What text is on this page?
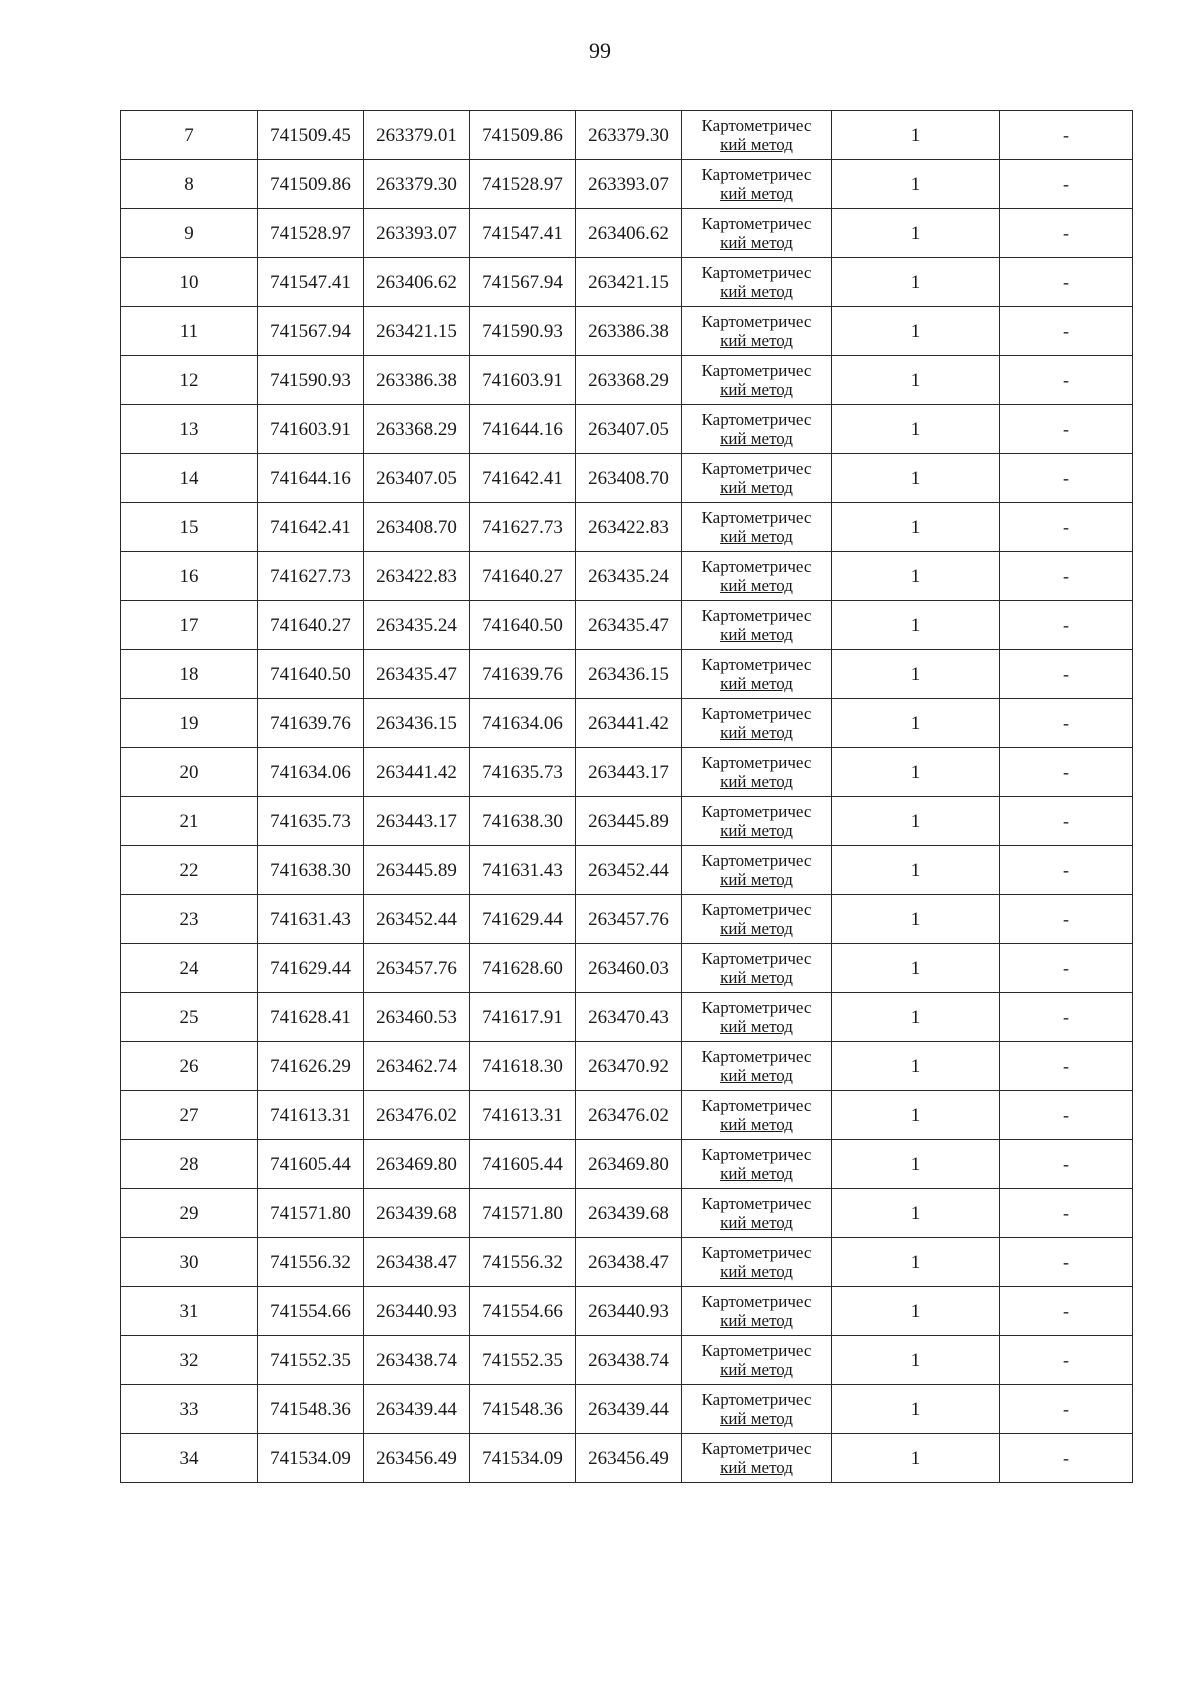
99
7	741509.45	263379.01	741509.86	263379.30	Картометричес
кий метод	1	-
8	741509.86	263379.30	741528.97	263393.07	Картометричес
кий метод	1	-
9	741528.97	263393.07	741547.41	263406.62	Картометричес
кий метод	1	-
10	741547.41	263406.62	741567.94	263421.15	Картометричес
кий метод	1	-
11	741567.94	263421.15	741590.93	263386.38	Картометричес
кий метод	1	-
12	741590.93	263386.38	741603.91	263368.29	Картометричес
кий метод	1	-
13	741603.91	263368.29	741644.16	263407.05	Картометричес
кий метод	1	-
14	741644.16	263407.05	741642.41	263408.70	Картометричес
кий метод	1	-
15	741642.41	263408.70	741627.73	263422.83	Картометричес
кий метод	1	-
16	741627.73	263422.83	741640.27	263435.24	Картометричес
кий метод	1	-
17	741640.27	263435.24	741640.50	263435.47	Картометричес
кий метод	1	-
18	741640.50	263435.47	741639.76	263436.15	Картометричес
кий метод	1	-
19	741639.76	263436.15	741634.06	263441.42	Картометричес
кий метод	1	-
20	741634.06	263441.42	741635.73	263443.17	Картометричес
кий метод	1	-
21	741635.73	263443.17	741638.30	263445.89	Картометричес
кий метод	1	-
22	741638.30	263445.89	741631.43	263452.44	Картометричес
кий метод	1	-
23	741631.43	263452.44	741629.44	263457.76	Картометричес
кий метод	1	-
24	741629.44	263457.76	741628.60	263460.03	Картометричес
кий метод	1	-
25	741628.41	263460.53	741617.91	263470.43	Картометричес
кий метод	1	-
26	741626.29	263462.74	741618.30	263470.92	Картометричес
кий метод	1	-
27	741613.31	263476.02	741613.31	263476.02	Картометричес
кий метод	1	-
28	741605.44	263469.80	741605.44	263469.80	Картометричес
кий метод	1	-
29	741571.80	263439.68	741571.80	263439.68	Картометричес
кий метод	1	-
30	741556.32	263438.47	741556.32	263438.47	Картометричес
кий метод	1	-
31	741554.66	263440.93	741554.66	263440.93	Картометричес
кий метод	1	-
32	741552.35	263438.74	741552.35	263438.74	Картометричес
кий метод	1	-
33	741548.36	263439.44	741548.36	263439.44	Картометричес
кий метод	1	-
34	741534.09	263456.49	741534.09	263456.49	Картометричес
кий метод	1	-
